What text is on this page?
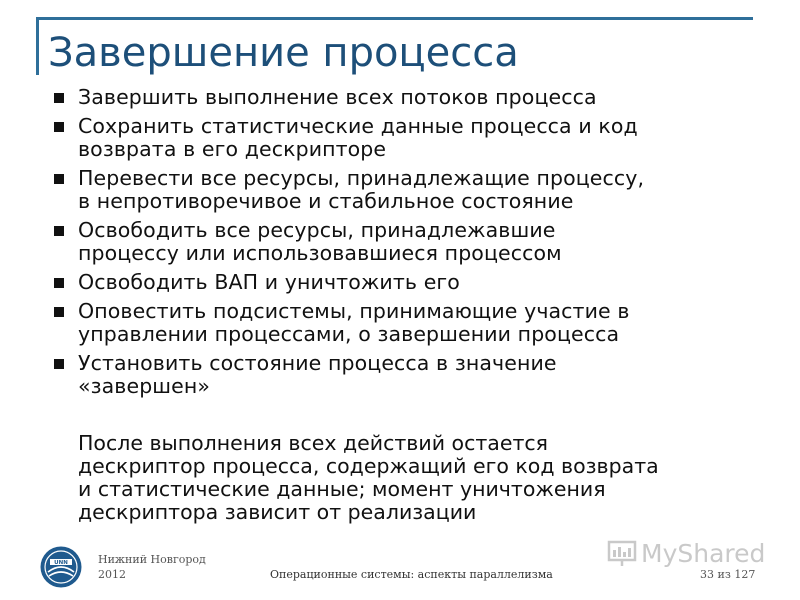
Завершение процесса
Завершить выполнение всех потоков процесса
Сохранить статистические данные процесса и код
возврата в его дескрипторе
Перевести все ресурсы, принадлежащие процессу,
в непротиворечивое и стабильное состояние
Освободить все ресурсы, принадлежавшие
процессу или использовавшиеся процессом
Освободить ВАП и уничтожить его
Оповестить подсистемы, принимающие участие в
управлении процессами, о завершении процесса
Установить состояние процесса в значение
«завершен»
После выполнения всех действий остается
дескриптор процесса, содержащий его код возврата
и статистические данные; момент уничтожения
дескриптора зависит от реализации
UNN	Нижний Новгород
2012	Операционные системы: аспекты параллелизма
MyShared
33 из 127
